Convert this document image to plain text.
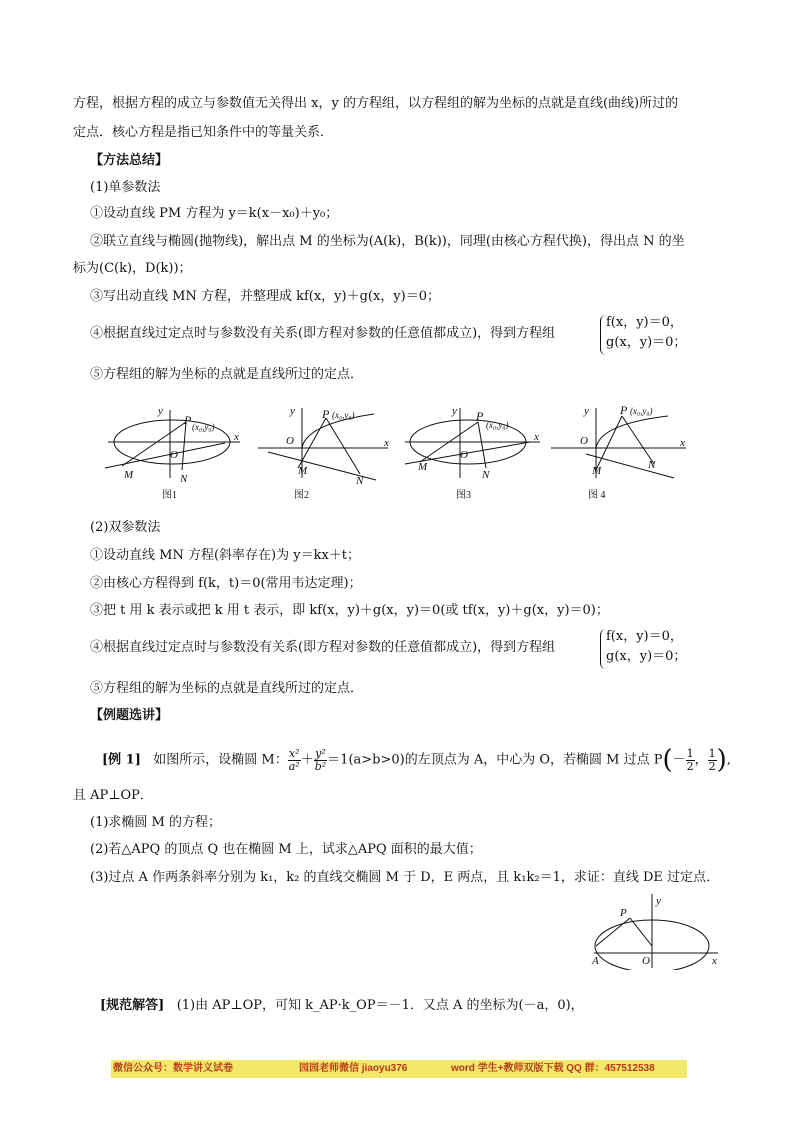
方程，根据方程的成立与参数值无关得出 x，y 的方程组，以方程组的解为坐标的点就是直线(曲线)所过的
定点．核心方程是指已知条件中的等量关系．
【方法总结】
(1)单参数法
①设动直线 PM 方程为 y＝k(x－x₀)＋y₀；
②联立直线与椭圆(抛物线)，解出点 M 的坐标为(A(k)，B(k))，同理(由核心方程代换)，得出点 N 的坐
标为(C(k)，D(k))；
③写出动直线 MN 方程，并整理成 kf(x，y)＋g(x，y)＝0；
④根据直线过定点时与参数没有关系(即方程对参数的任意值都成立)，得到方程组
f(x，y)＝0，
g(x，y)＝0；
⑤方程组的解为坐标的点就是直线所过的定点．
y
x
O
M	N
P (x₀,y₀)
图1
y
x
O
M
N
P (x₀,y₀)
图2
y
x
O
M
N
P
(x₀,y₀)
图3
y
x
O
M	N
P (x₀,y₀)
图 4
(2)双参数法
①设动直线 MN 方程(斜率存在)为 y＝kx＋t；
②由核心方程得到 f(k，t)＝0(常用韦达定理)；
③把 t 用 k 表示或把 k 用 t 表示，即 kf(x，y)＋g(x，y)＝0(或 tf(x，y)＋g(x，y)＝0)；
④根据直线过定点时与参数没有关系(即方程对参数的任意值都成立)，得到方程组
f(x，y)＝0，
g(x，y)＝0；
⑤方程组的解为坐标的点就是直线所过的定点．
【例题选讲】
[例 1] 如图所示，设椭圆 M： $\frac{\text{x²}}{\text{a²}} + \frac{\text{y²}}{\text{b²}} =1(a>b>0)$的左顶点为 A，中心为 O，若椭圆 M 过点 $P(- \frac{1}{2}$ ， $\frac{1}{2}$ ),
且 AP⊥OP．
(1)求椭圆 M 的方程；
(2)若△APQ 的顶点 Q 也在椭圆 M 上，试求△APQ 面积的最大值；
(3)过点 A 作两条斜率分别为 k₁，k₂ 的直线交椭圆 M 于 D，E 两点，且 k₁k₂＝1，求证：直线 DE 过定点．
y
x
O
A
P
[规范解答] (1)由 AP⊥OP，可知 k_AP·k_OP＝－1．又点 A 的坐标为(－a，0)，
微信公众号：数学讲义试卷	园园老师微信 jiaoyu376	word 学生+教师双版下载 QQ 群：457512538
